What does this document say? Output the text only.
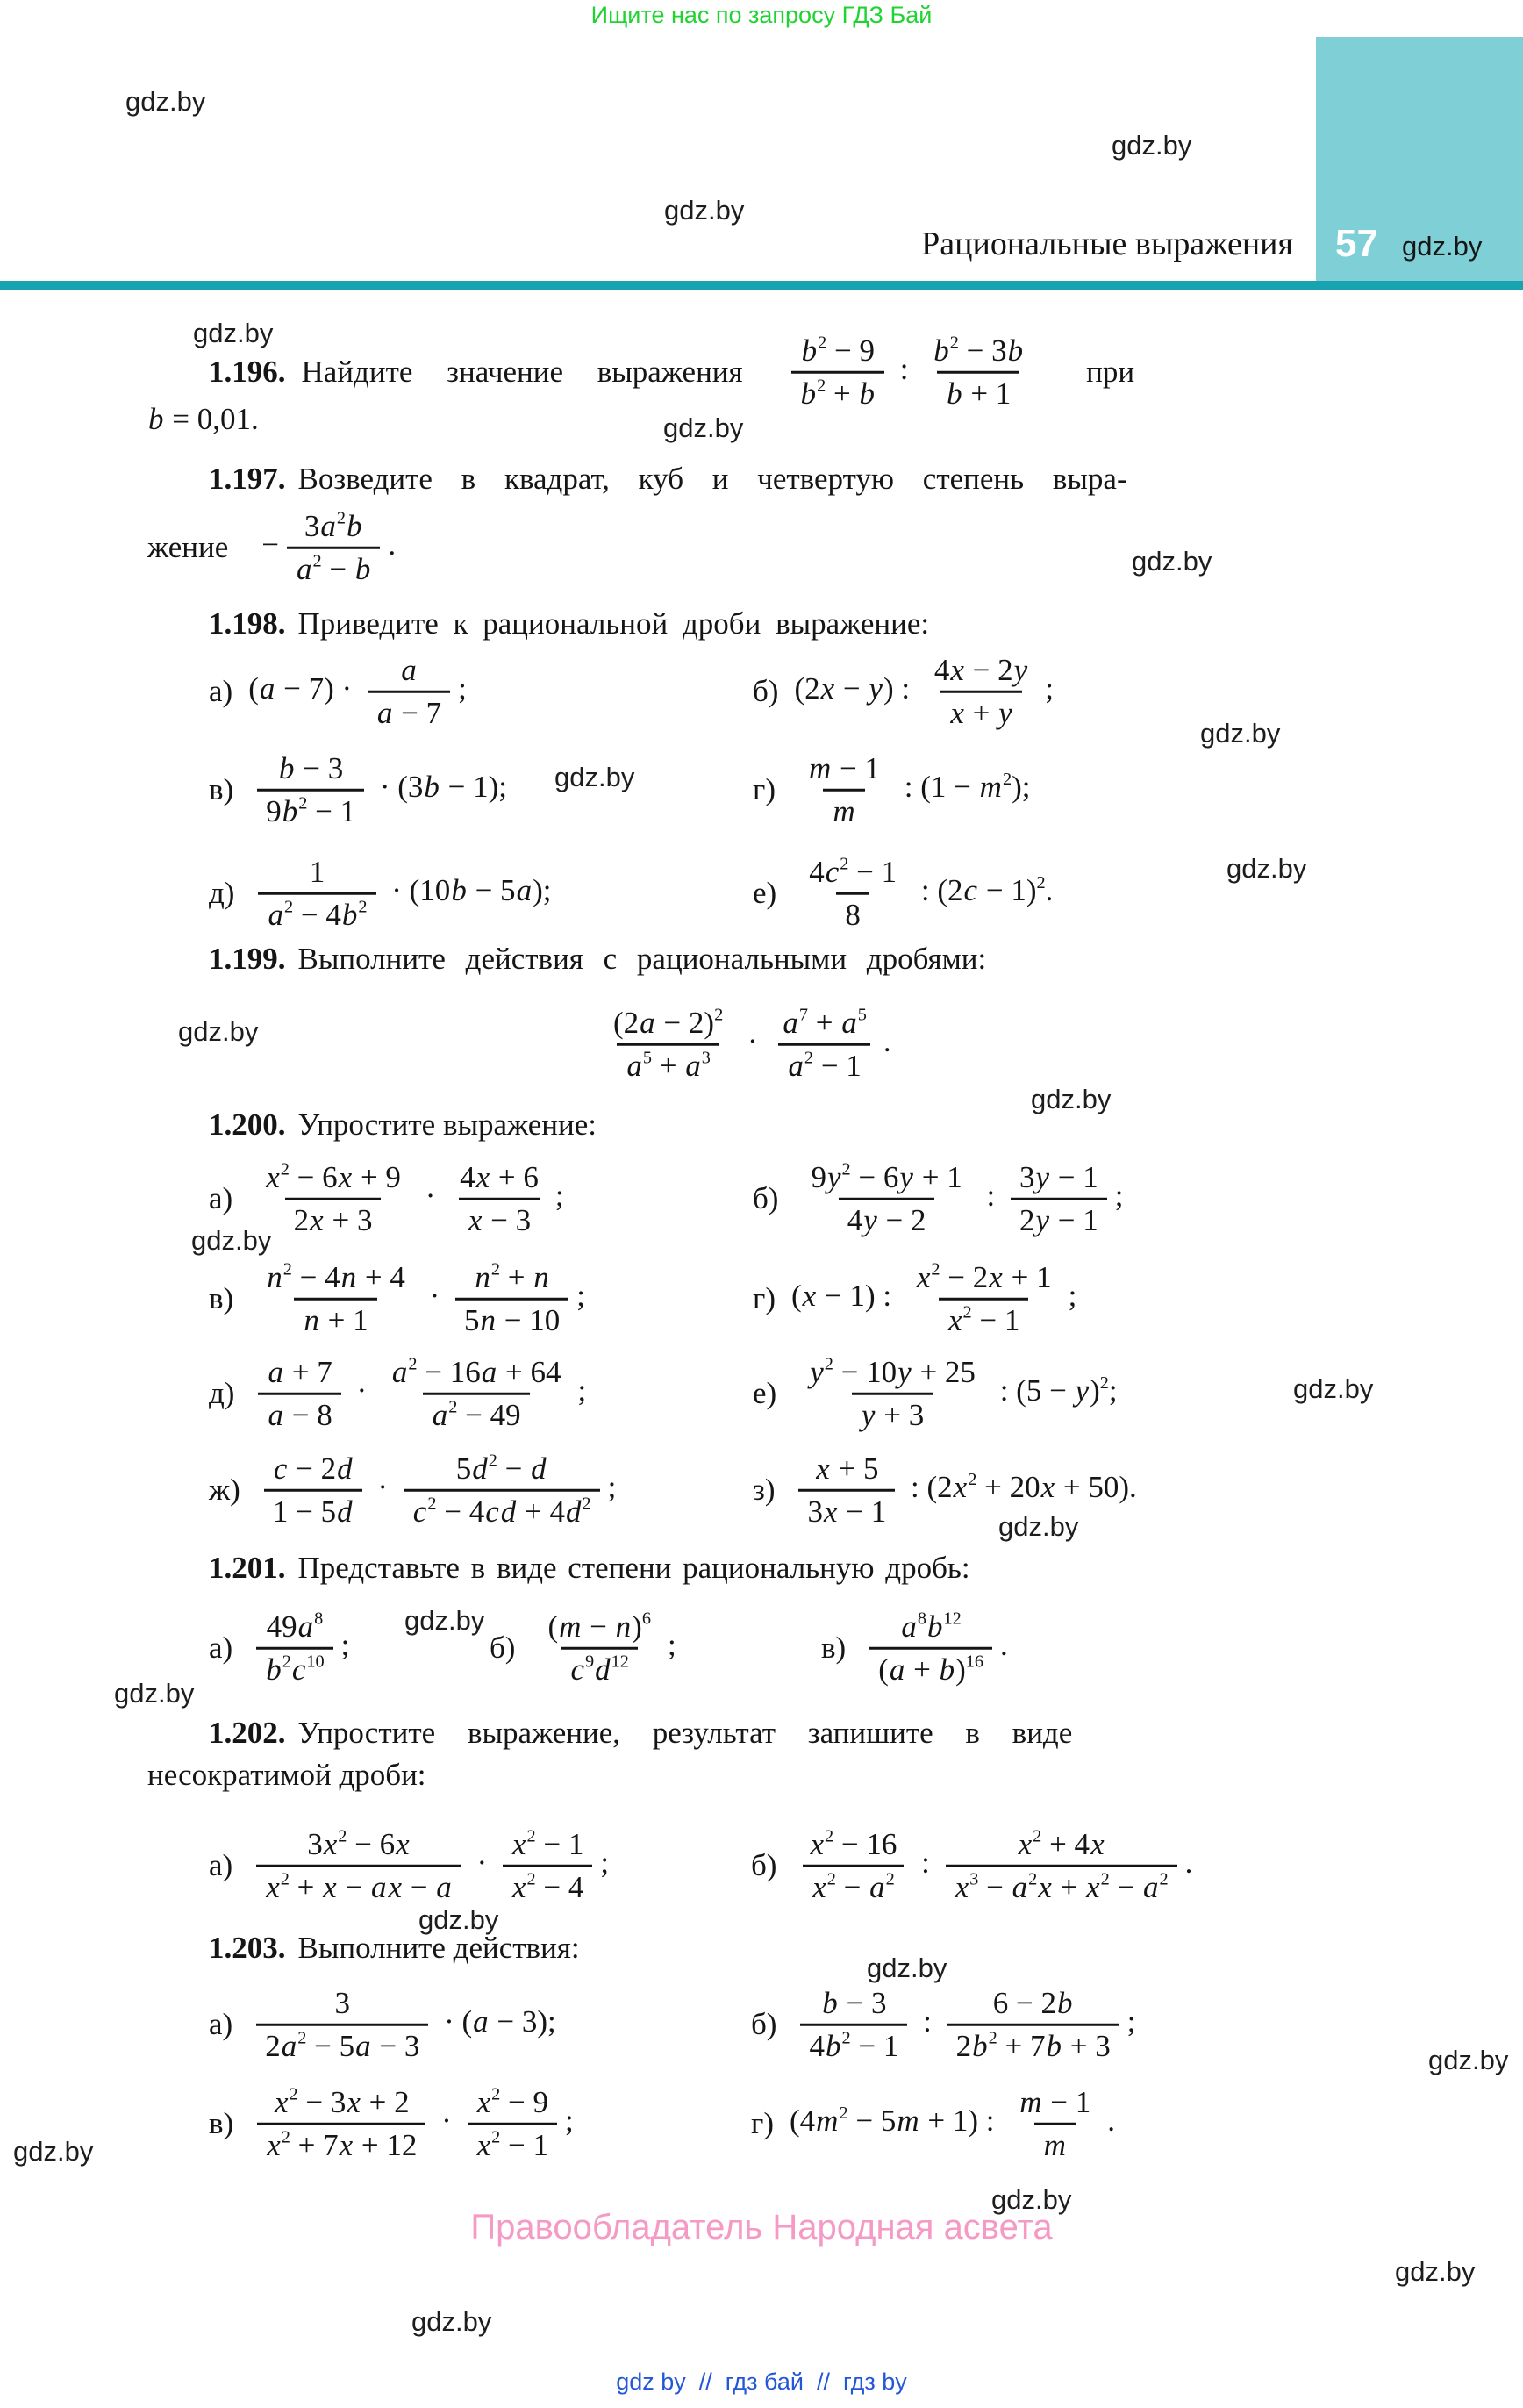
Ищите нас по запросу ГДЗ Бай
gdz.by
gdz.by
gdz.by
gdz.by
gdz.by
gdz.by
gdz.by
gdz.by
gdz.by
gdz.by
gdz.by
gdz.by
gdz.by
gdz.by
gdz.by
gdz.by
gdz.by
gdz.by
gdz.by
gdz.by
gdz.by
gdz.by
gdz.by
Рациональные выражения 57 gdz.by
1.196. Найдите значение выражения $\frac{b^2 - 9}{b^2 + b}$ : $\frac{b^2 - 3b}{b + 1}$ при
b = 0,01.
1.197. Возведите в квадрат, куб и четвертую степень выра-
жение − $\frac{3a^2b}{a^2 - b}$ .
1.198. Приведите к рациональной дроби выражение:
а) $(a - 7) \cdot \frac{a}{a - 7}$ ;	б) (2x − y) : $\frac{4x - 2y}{x + y}$ ;
$в) \frac{b - 3}{9b^2 - 1} \cdot (3b - 1)$;	$г) \frac{m - 1}{m}$ : $(1 - m^2)$;
$д) \frac{1}{a^2 - 4b^2} \cdot (10b - 5a)$;	$е) \frac{4c^2 - 1}{8}$ : $(2c - 1)^2$.
1.199. Выполните действия с рациональными дробями:
$\frac{(2a - 2)^2}{a^5 + a^3} \cdot \frac{a^7 + a^5}{a^2 - 1}$ .
1.200. Упростите выражение:
$а) \frac{x^2 - 6x + 9}{2x + 3} \cdot \frac{4x + 6}{x - 3}$ ;	$б) \frac{9y^2 - 6y + 1}{4y - 2}$ : $\frac{3y - 1}{2y - 1}$ ;
$в) \frac{n^2 - 4n + 4}{n + 1} \cdot \frac{n^2 + n}{5n - 10}$ ;	г) (x − 1) : $\frac{x^2 - 2x + 1}{x^2 - 1}$ ;
$д) \frac{a + 7}{a - 8} \cdot \frac{a^2 - 16a + 64}{a^2 - 49}$ ;	$е) \frac{y^2 - 10y + 25}{y + 3}$ : $(5 - y)^2$;
$ж) \frac{c - 2d}{1 - 5d} \cdot \frac{5d^2 - d}{c^2 - 4cd + 4d^2}$ ;	$з) \frac{x + 5}{3x - 1}$ : $(2x^2 + 20x + 50)$.
1.201. Представьте в виде степени рациональную дробь:
$а) \frac{49a^8}{b^2c^{10}}$ ;	$б) \frac{(m - n)^6}{c^9d^{12}}$ ;	$в) \frac{a^8b^{12}}{(a + b)^{16}}$ .
1.202. Упростите выражение, результат запишите в виде
несократимой дроби:
$а) \frac{3x^2 - 6x}{x^2 + x - ax - a} \cdot \frac{x^2 - 1}{x^2 - 4}$ ;	$б) \frac{x^2 - 16}{x^2 - a^2}$ : $\frac{x^2 + 4x}{x^3 - a^2x + x^2 - a^2}$ .
1.203. Выполните действия:
$а) \frac{3}{2a^2 - 5a - 3} \cdot (a - 3)$;	$б) \frac{b - 3}{4b^2 - 1}$ : $\frac{6 - 2b}{2b^2 + 7b + 3}$ ;
$в) \frac{x^2 - 3x + 2}{x^2 + 7x + 12} \cdot \frac{x^2 - 9}{x^2 - 1}$ ;	г) $(4m^2 - 5m + 1)$ : $\frac{m - 1}{m}$ .
Правообладатель Народная асвета
gdz by  //  гдз бай  //  гдз by
